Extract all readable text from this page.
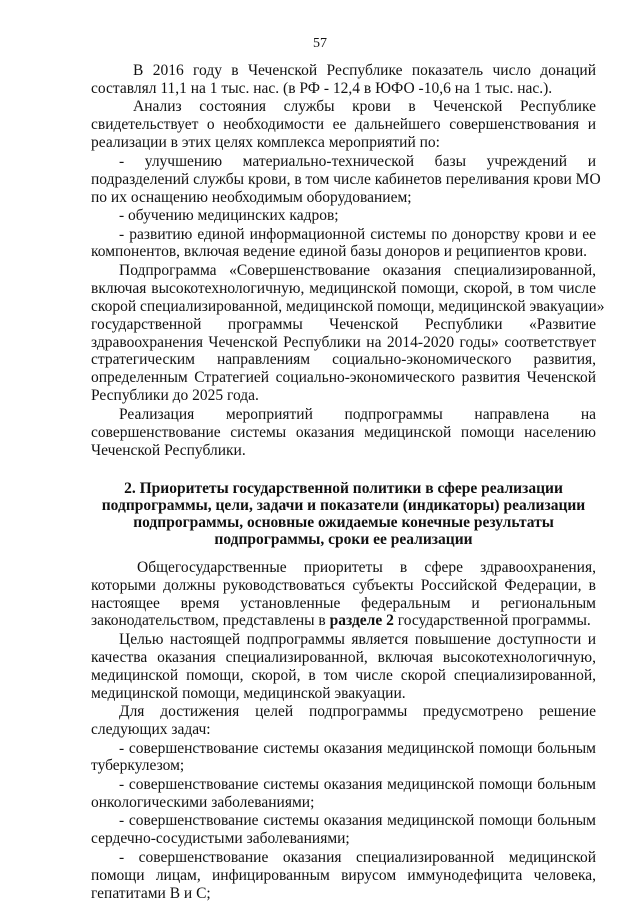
57
В 2016 году в Чеченской Республике показатель число донаций
составлял 11,1 на 1 тыс. нас. (в РФ - 12,4 в ЮФО -10,6 на 1 тыс. нас.).
Анализ состояния службы крови в Чеченской Республике
свидетельствует о необходимости ее дальнейшего совершенствования и
реализации в этих целях комплекса мероприятий по:
- улучшению материально-технической базы учреждений и
подразделений службы крови, в том числе кабинетов переливания крови МО
по их оснащению необходимым оборудованием;
- обучению медицинских кадров;
- развитию единой информационной системы по донорству крови и ее
компонентов, включая ведение единой базы доноров и реципиентов крови.
Подпрограмма «Совершенствование оказания специализированной,
включая высокотехнологичную, медицинской помощи, скорой, в том числе
скорой специализированной, медицинской помощи, медицинской эвакуации»
государственной программы Чеченской Республики «Развитие
здравоохранения Чеченской Республики на 2014-2020 годы» соответствует
стратегическим направлениям социально-экономического развития,
определенным Стратегией социально-экономического развития Чеченской
Республики до 2025 года.
Реализация мероприятий подпрограммы направлена на
совершенствование системы оказания медицинской помощи населению
Чеченской Республики.
2. Приоритеты государственной политики в сфере реализации
подпрограммы, цели, задачи и показатели (индикаторы) реализации
подпрограммы, основные ожидаемые конечные результаты
подпрограммы, сроки ее реализации
Общегосударственные приоритеты в сфере здравоохранения,
которыми должны руководствоваться субъекты Российской Федерации, в
настоящее время установленные федеральным и региональным
законодательством, представлены в разделе 2 государственной программы.
Целью настоящей подпрограммы является повышение доступности и
качества оказания специализированной, включая высокотехнологичную,
медицинской помощи, скорой, в том числе скорой специализированной,
медицинской помощи, медицинской эвакуации.
Для достижения целей подпрограммы предусмотрено решение
следующих задач:
- совершенствование системы оказания медицинской помощи больным
туберкулезом;
- совершенствование системы оказания медицинской помощи больным
онкологическими заболеваниями;
- совершенствование системы оказания медицинской помощи больным
сердечно-сосудистыми заболеваниями;
- совершенствование оказания специализированной медицинской
помощи лицам, инфицированным вирусом иммунодефицита человека,
гепатитами В и С;
